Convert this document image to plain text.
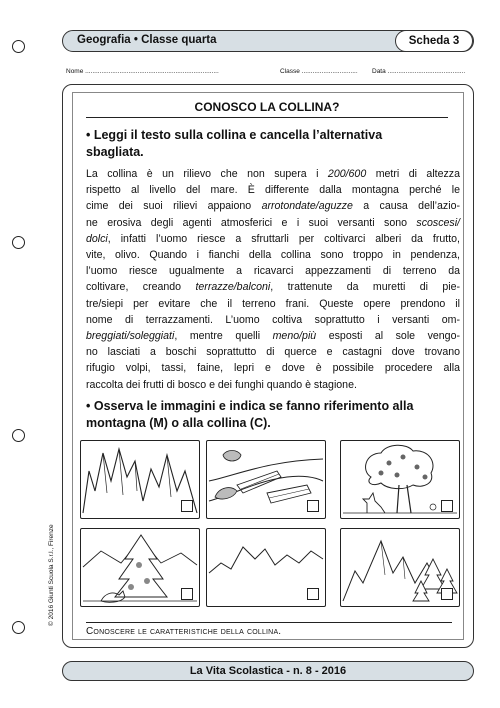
Geografia • Classe quarta	Scheda 3
Nome ..........................................................................	Classe ............................... Data ...........................................
CONOSCO LA COLLINA?
• Leggi il testo sulla collina e cancella l’alternativa
sbagliata.
La collina è un rilievo che non supera i 200/600 metri di altezza
rispetto al livello del mare. È differente dalla montagna perché le
cime dei suoi rilievi appaiono arrotondate/aguzze a causa dell’azio-
ne erosiva degli agenti atmosferici e i suoi versanti sono scoscesi/
dolci, infatti l’uomo riesce a sfruttarli per coltivarci alberi da frutto,
vite, olivo. Quando i fianchi della collina sono troppo in pendenza,
l’uomo riesce ugualmente a ricavarci appezzamenti di terreno da
coltivare, creando terrazze/balconi, trattenute da muretti di pie-
tre/siepi per evitare che il terreno frani. Queste opere prendono il
nome di terrazzamenti. L’uomo coltiva soprattutto i versanti om-
breggiati/soleggiati, mentre quelli meno/più esposti al sole vengo-
no lasciati a boschi soprattutto di querce e castagni dove trovano
rifugio volpi, tassi, faine, lepri e dove è possibile procedere alla
raccolta dei frutti di bosco e dei funghi quando è stagione.
• Osserva le immagini e indica se fanno riferimento alla
montagna (M) o alla collina (C).
Conoscere le caratteristiche della collina.
© 2016 Giunti Scuola S.r.l., Firenze
La Vita Scolastica - n. 8 - 2016
